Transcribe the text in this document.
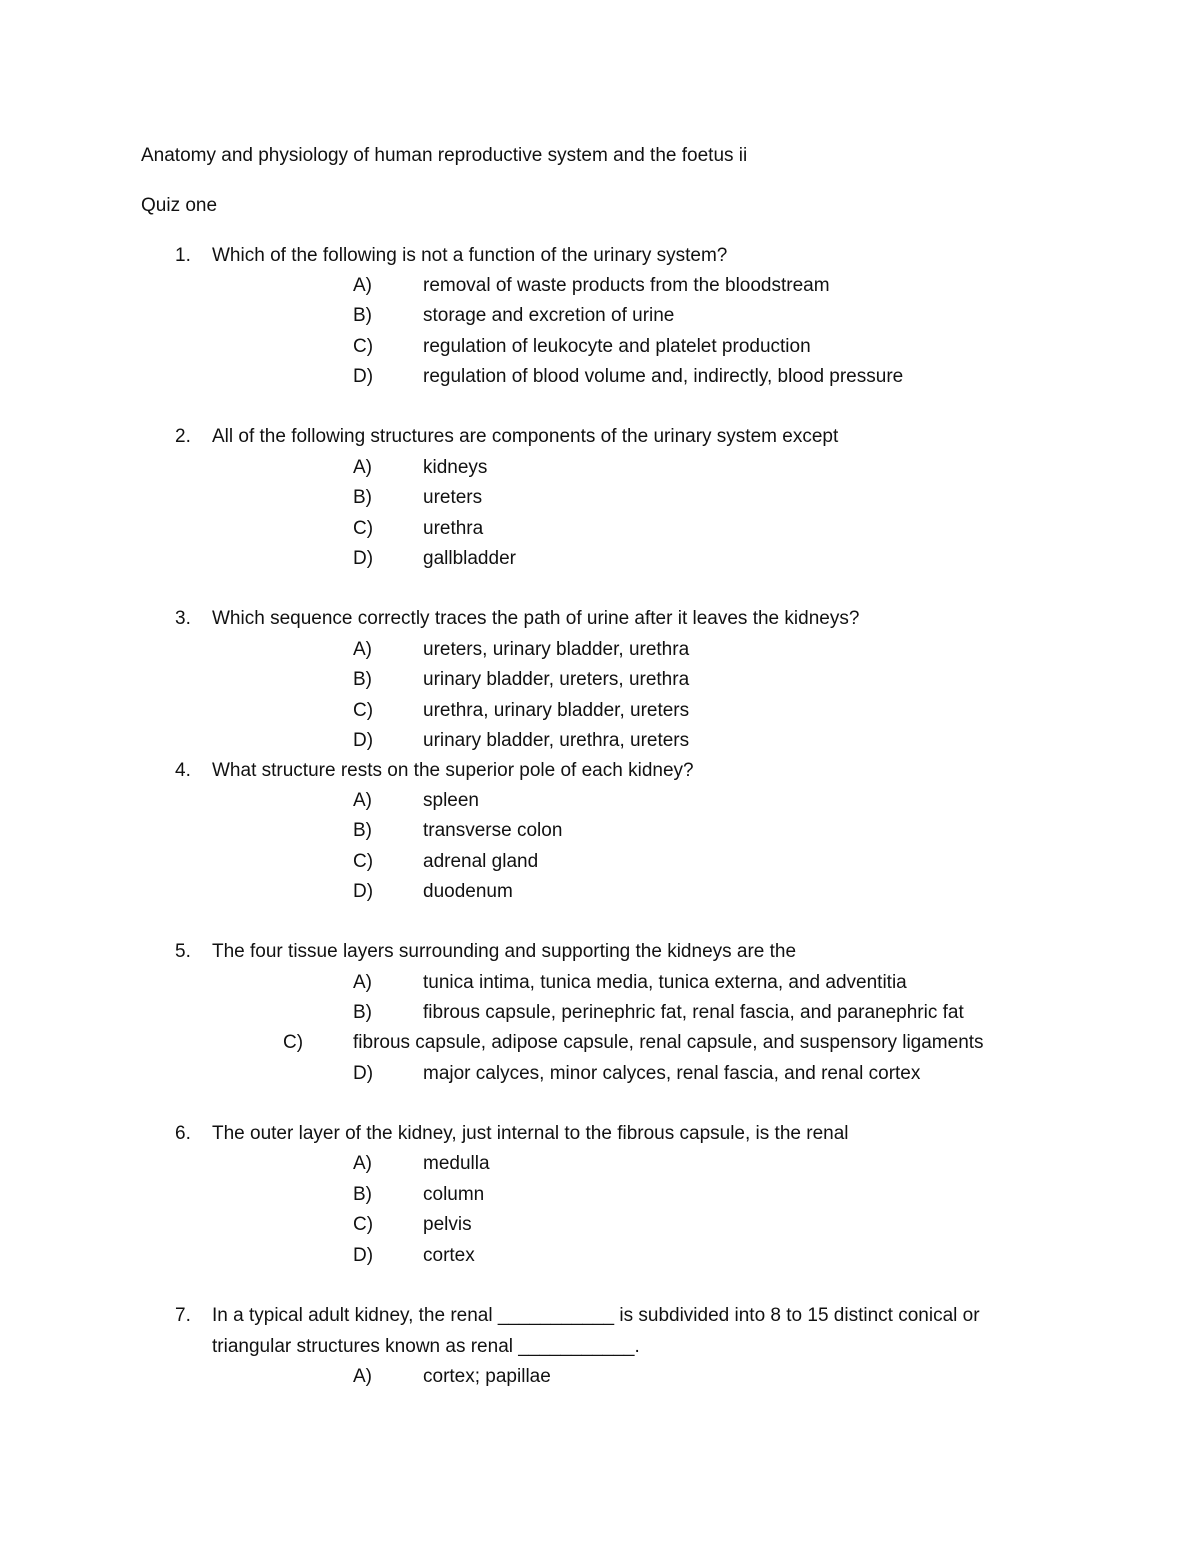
Anatomy and physiology of human reproductive system and the foetus ii
Quiz one
1. Which of the following is not a function of the urinary system?
A)	removal of waste products from the bloodstream
B)	storage and excretion of urine
C)	regulation of leukocyte and platelet production
D)	regulation of blood volume and, indirectly, blood pressure
2. All of the following structures are components of the urinary system except
A)	kidneys
B)	ureters
C)	urethra
D)	gallbladder
3. Which sequence correctly traces the path of urine after it leaves the kidneys?
A)	ureters, urinary bladder, urethra
B)	urinary bladder, ureters, urethra
C)	urethra, urinary bladder, ureters
D)	urinary bladder, urethra, ureters
4. What structure rests on the superior pole of each kidney?
A)	spleen
B)	transverse colon
C)	adrenal gland
D)	duodenum
5. The four tissue layers surrounding and supporting the kidneys are the
A)	tunica intima, tunica media, tunica externa, and adventitia
B)	fibrous capsule, perinephric fat, renal fascia, and paranephric fat
C)	fibrous capsule, adipose capsule, renal capsule, and suspensory ligaments
D)	major calyces, minor calyces, renal fascia, and renal cortex
6. The outer layer of the kidney, just internal to the fibrous capsule, is the renal
A)	medulla
B)	column
C)	pelvis
D)	cortex
7. In a typical adult kidney, the renal ___________ is subdivided into 8 to 15 distinct conical or
triangular structures known as renal ___________.
A)	cortex; papillae
